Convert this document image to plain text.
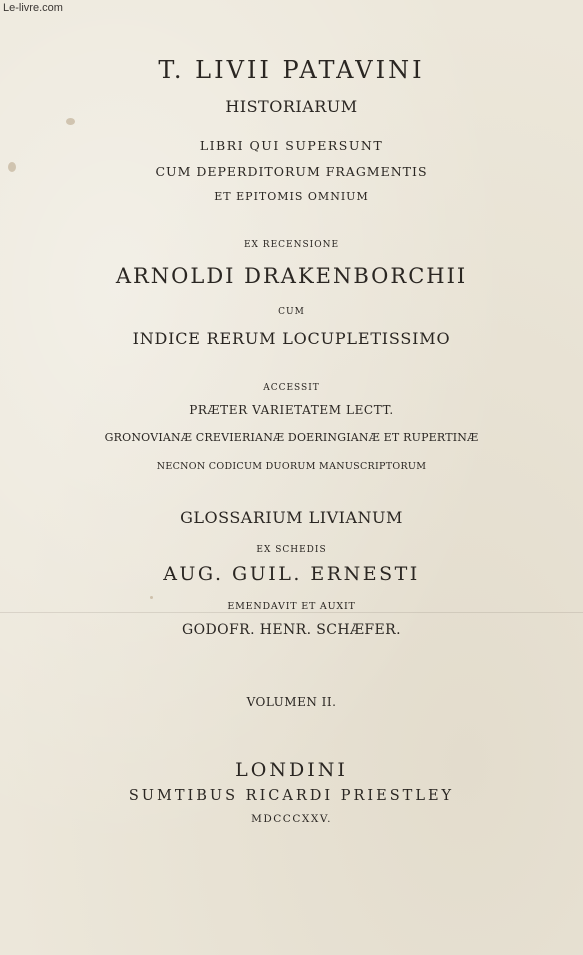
Le-livre.com
T. LIVII PATAVINI
HISTORIARUM
LIBRI QUI SUPERSUNT
CUM DEPERDITORUM FRAGMENTIS
ET EPITOMIS OMNIUM
EX RECENSIONE
ARNOLDI DRAKENBORCHII
CUM
INDICE RERUM LOCUPLETISSIMO
ACCESSIT
PRÆTER VARIETATEM LECTT.
GRONOVIANÆ CREVIERIANÆ DOERINGIANÆ ET RUPERTINÆ
NECNON CODICUM DUORUM MANUSCRIPTORUM
GLOSSARIUM LIVIANUM
EX SCHEDIS
AUG. GUIL. ERNESTI
EMENDAVIT ET AUXIT
GODOFR. HENR. SCHÆFER.
VOLUMEN II.
LONDINI
SUMTIBUS RICARDI PRIESTLEY
MDCCCXXV.
